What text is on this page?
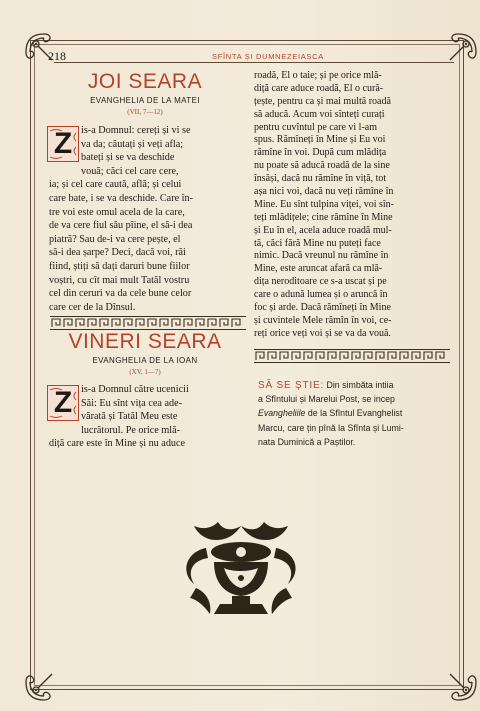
218	SFÎNTA ȘI DUMNEZEIASCA
JOI SEARA
EVANGHELIA DE LA MATEI
(VII, 7—12)
Z is-a Domnul: cereți și vi se
va da; căutați și veți afla;
bateți și se va deschide
vouă; căci cel care cere,
ia; și cel care caută, află; și celui
care bate, i se va deschide. Care în-
tre voi este omul acela de la care,
de va cere fiul său pîine, el să-i dea
piatră? Sau de-i va cere pește, el
să-i dea șarpe? Deci, dacă voi, răi
fiind, știți să dați daruri bune fiilor
voștri, cu cît mai mult Tatăl vostru
cel din ceruri va da cele bune celor
care cer de la Dînsul.
VINERI SEARA
EVANGHELIA DE LA IOAN
(XV, 1—7)
Z is-a Domnul către ucenicii
Săi: Eu sînt vița cea ade-
vărată și Tatăl Meu este
lucrătorul. Pe orice mlă-
diță care este în Mine și nu aduce
roadă, El o taie; și pe orice mlă-
diță care aduce roadă, El o cură-
țește, pentru ca și mai multă roadă
să aducă. Acum voi sînteți curați
pentru cuvîntul pe care vi l-am
spus. Rămîneți în Mine și Eu voi
rămîne în voi. După cum mlădița
nu poate să aducă roadă de la sine
însăși, dacă nu rămîne în viță, tot
așa nici voi, dacă nu veți rămîne în
Mine. Eu sînt tulpina viței, voi sîn-
teți mlădițele; cine rămîne în Mine
și Eu în el, acela aduce roadă mul-
tă, căci fără Mine nu puteți face
nimic. Dacă vreunul nu rămîne în
Mine, este aruncat afară ca mlă-
dița neroditoare ce s-a uscat și pe
care o adună lumea și o aruncă în
foc și arde. Dacă rămîneți în Mine
și cuvintele Mele rămîn în voi, ce-
reți orice veți voi și se va da vouă.
SĂ SE ȘTIE: Din simbăta intiia
a Sfîntului și Marelui Post, se incep
Evangheliile de la Sfîntul Evanghelist
Marcu, care țin pînă la Sfînta și Lumi-
nata Duminică a Paștilor.
